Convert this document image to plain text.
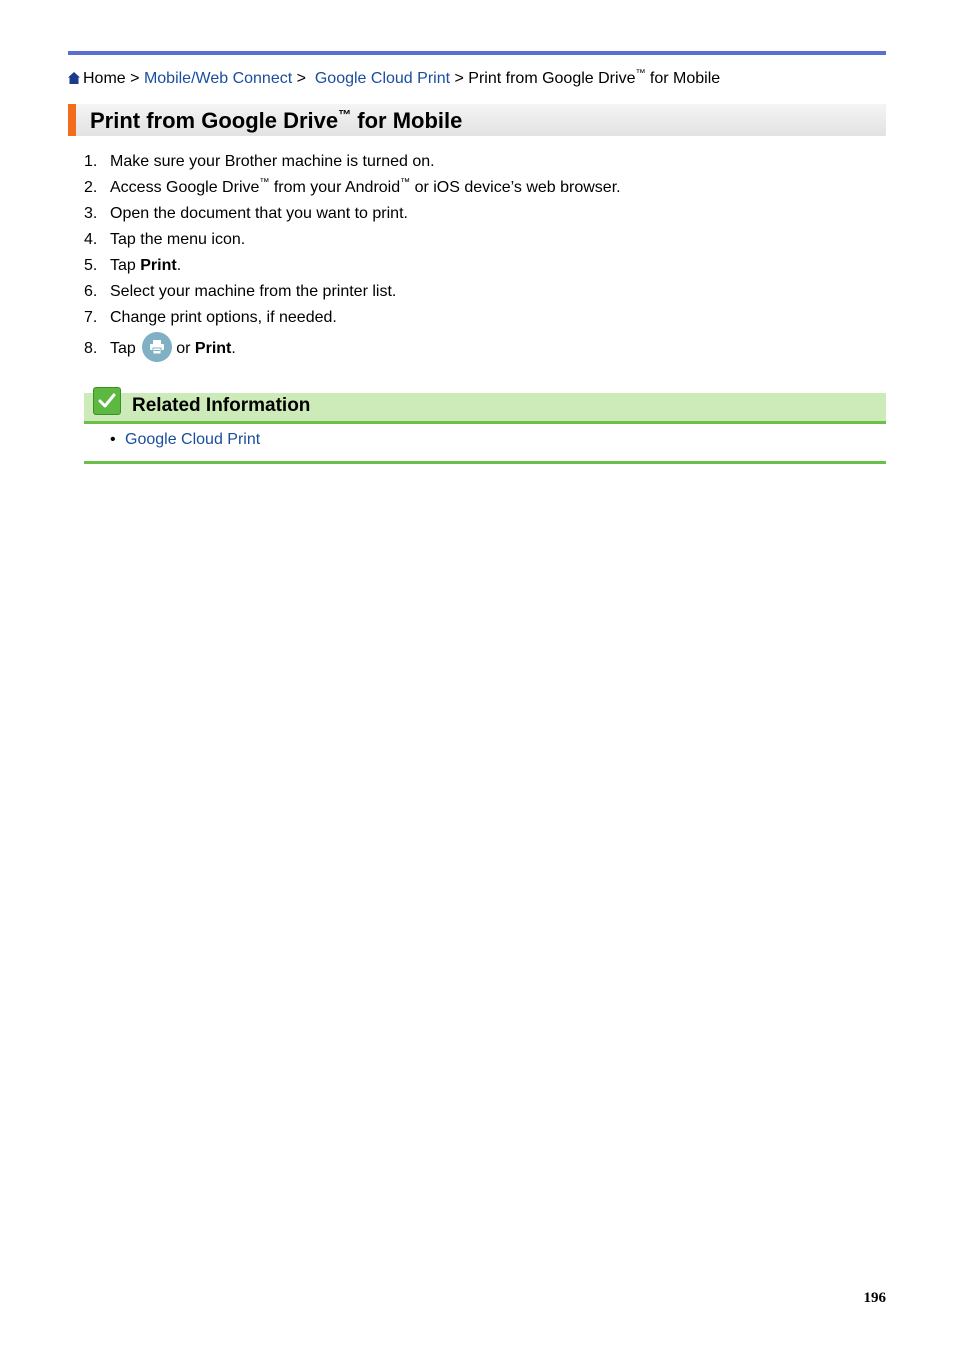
Home > Mobile/Web Connect > Google Cloud Print > Print from Google Drive™ for Mobile
Print from Google Drive™ for Mobile
1. Make sure your Brother machine is turned on.
2. Access Google Drive™ from your Android™ or iOS device’s web browser.
3. Open the document that you want to print.
4. Tap the menu icon.
5. Tap Print.
6. Select your machine from the printer list.
7. Change print options, if needed.
8. Tap	or Print.
Related Information
• Google Cloud Print
196
